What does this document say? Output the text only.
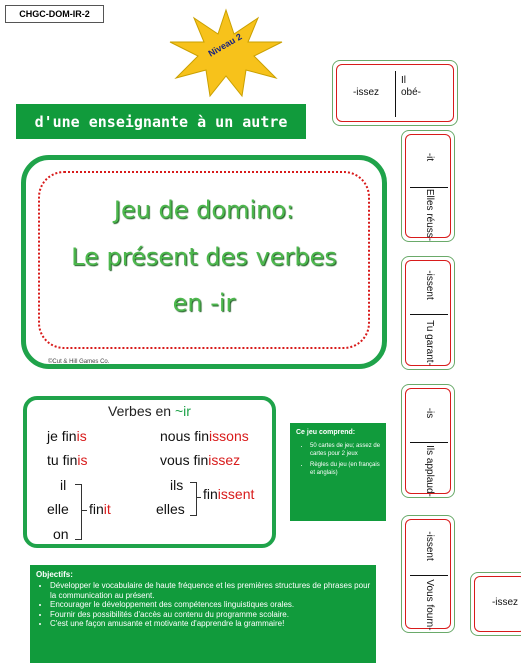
CHGC-DOM-IR-2
Niveau 2
d'une enseignante à un autre
Jeu de domino:
Le présent des verbes
en -ir
©Cut & Hill Games Co.
Verbes en ~ir
je finis
tu finis
il
elle
on
finit
nous finissons
vous finissez
ils
elles
finissent
Ce jeu comprend:
• 50 cartes de jeu; assez de cartes pour 2 jeux
• Règles du jeu (en français et anglais)
Objectifs:
• Développer le vocabulaire de haute fréquence et les premières structures de phrases pour la communication au présent.
• Encourager le développement des compétences linguistiques orales.
• Fournir des possibilités d'accès au contenu du programme scolaire.
• C'est une façon amusante et motivante d'apprendre la grammaire!
-issez
Il obé-
-it
Elles réuss-
-issent
Tu garant-
-is
Ils applaud-
-issent
Vous fourn-	-issez
